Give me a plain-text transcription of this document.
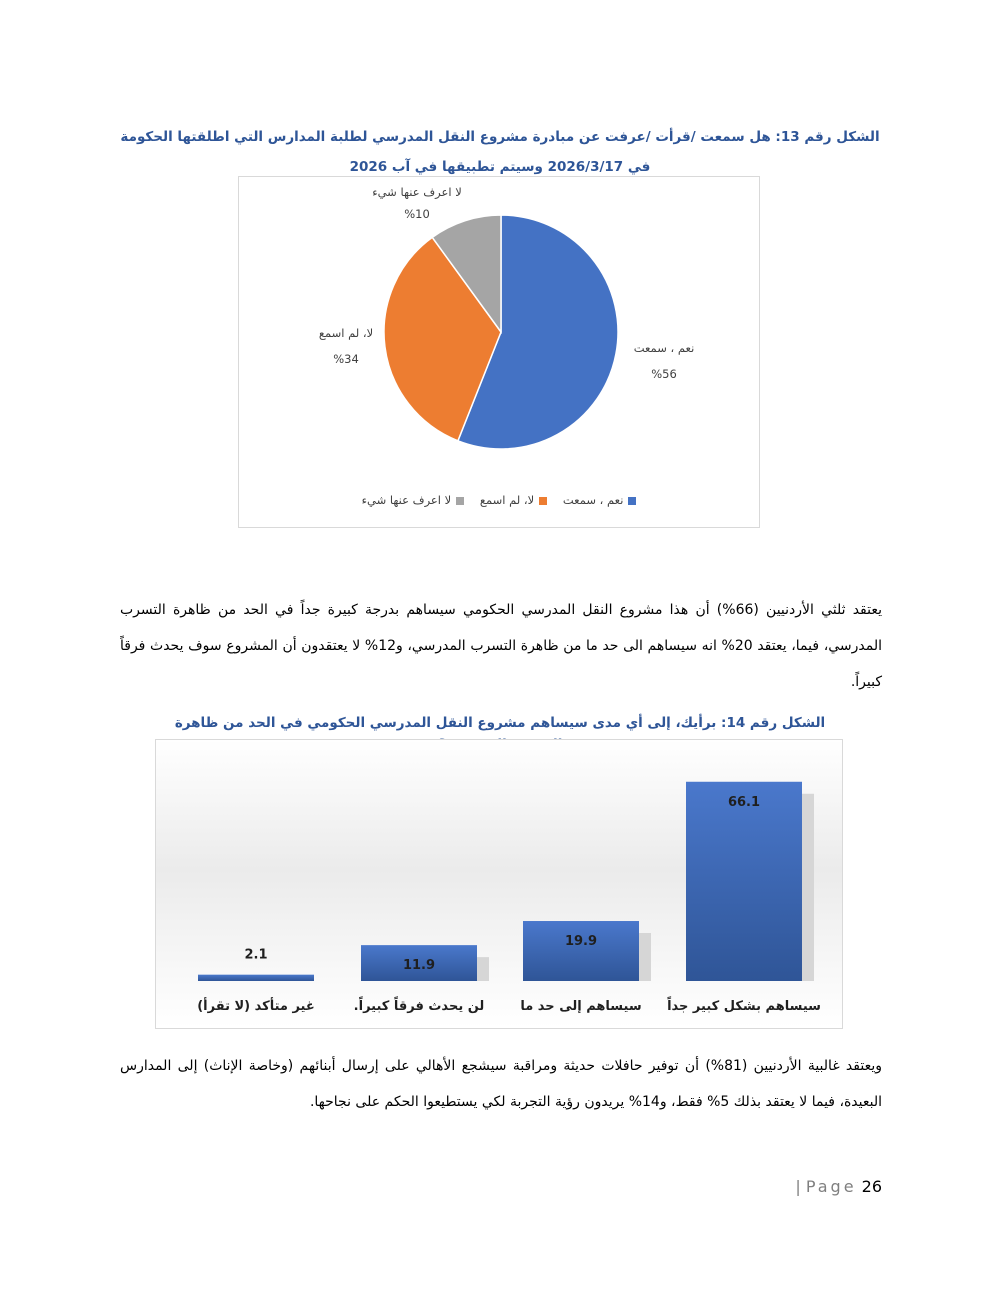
الشكل رقم 13: هل سمعت /قرأت /عرفت عن مبادرة مشروع النقل المدرسي لطلبة المدارس التي اطلقتها الحكومة في 2026/3/17 وسيتم تطبيقها في آب 2026
نعم ، سمعت
%56
لا، لم اسمع
%34
لا اعرف عنها شيء
%10
نعم ، سمعت لا، لم اسمع لا اعرف عنها شيء
يعتقد ثلثي الأردنيين (66%) أن هذا مشروع النقل المدرسي الحكومي سيساهم بدرجة كبيرة جداً في الحد من ظاهرة التسرب المدرسي، فيما، يعتقد 20% انه سيساهم الى حد ما من ظاهرة التسرب المدرسي، و12% لا يعتقدون أن المشروع سوف يحدث فرقاً كبيراً.
الشكل رقم 14: برأيك، إلى أي مدى سيساهم مشروع النقل المدرسي الحكومي في الحد من ظاهرة
66.1
سيساهم بشكل كبير جداً
19.9
سيساهم إلى حد ما
11.9
لن يحدث فرقاً كبيراً.
2.1
غير متأكد (لا تقرأ)
ويعتقد غالبية الأردنيين (81%) أن توفير حافلات حديثة ومراقبة سيشجع الأهالي على إرسال أبنائهم (وخاصة الإناث) إلى المدارس البعيدة، فيما لا يعتقد بذلك 5% فقط، و14% يريدون رؤية التجربة لكي يستطيعوا الحكم على نجاحها.
| Page 26
